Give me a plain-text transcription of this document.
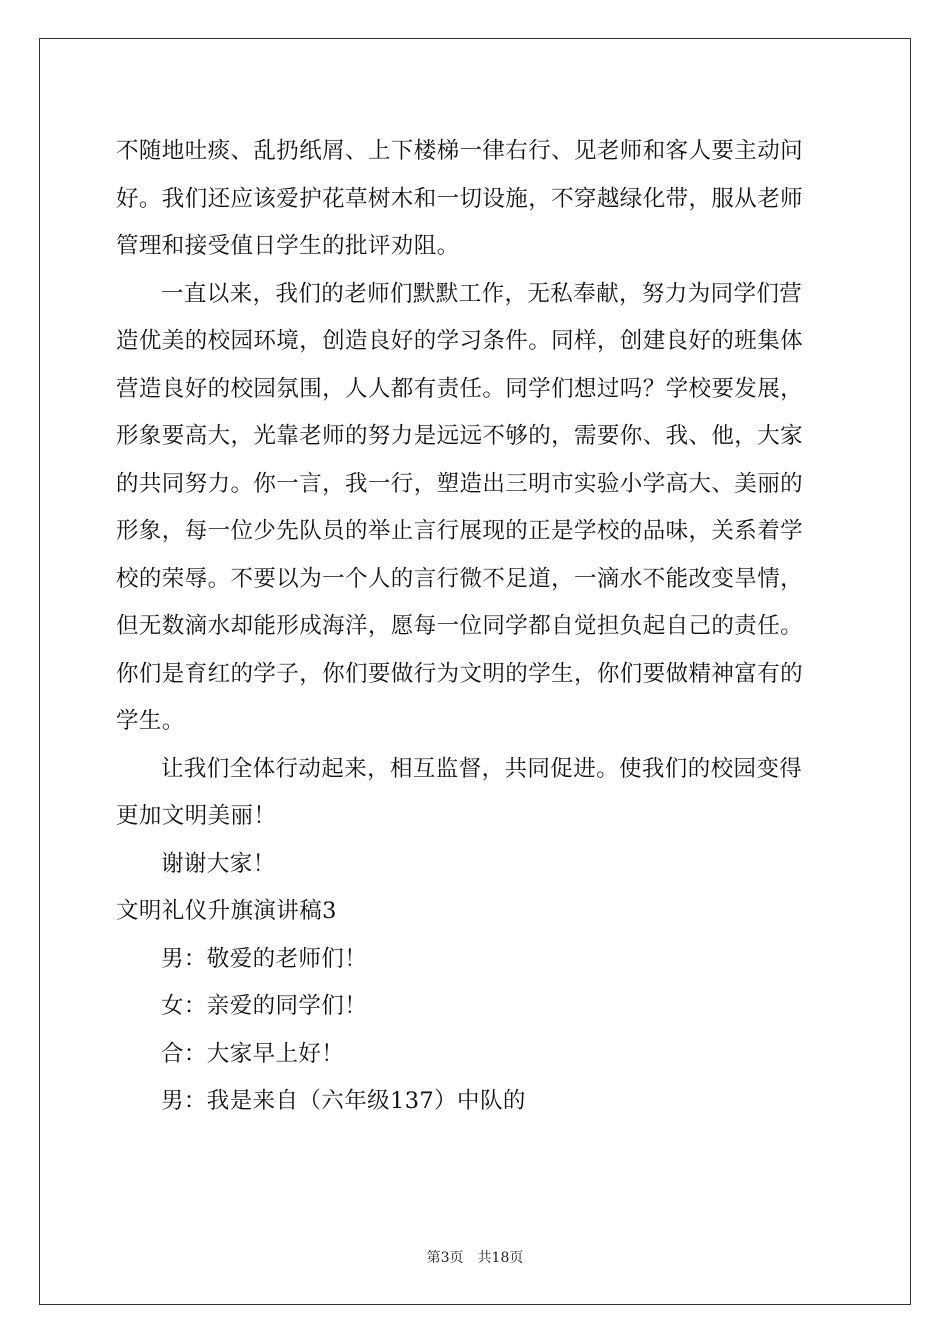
不随地吐痰、乱扔纸屑、上下楼梯一律右行、见老师和客人要主动问
好。我们还应该爱护花草树木和一切设施，不穿越绿化带，服从老师
管理和接受值日学生的批评劝阻。
一直以来，我们的老师们默默工作，无私奉献，努力为同学们营
造优美的校园环境，创造良好的学习条件。同样，创建良好的班集体
营造良好的校园氛围，人人都有责任。同学们想过吗？学校要发展，
形象要高大，光靠老师的努力是远远不够的，需要你、我、他，大家
的共同努力。你一言，我一行，塑造出三明市实验小学高大、美丽的
形象，每一位少先队员的举止言行展现的正是学校的品味，关系着学
校的荣辱。不要以为一个人的言行微不足道，一滴水不能改变旱情，
但无数滴水却能形成海洋，愿每一位同学都自觉担负起自己的责任。
你们是育红的学子，你们要做行为文明的学生，你们要做精神富有的
学生。
让我们全体行动起来，相互监督，共同促进。使我们的校园变得
更加文明美丽！
谢谢大家！
文明礼仪升旗演讲稿3
男：敬爱的老师们！
女：亲爱的同学们！
合：大家早上好！
男：我是来自（六年级137）中队的
第3页 共18页
